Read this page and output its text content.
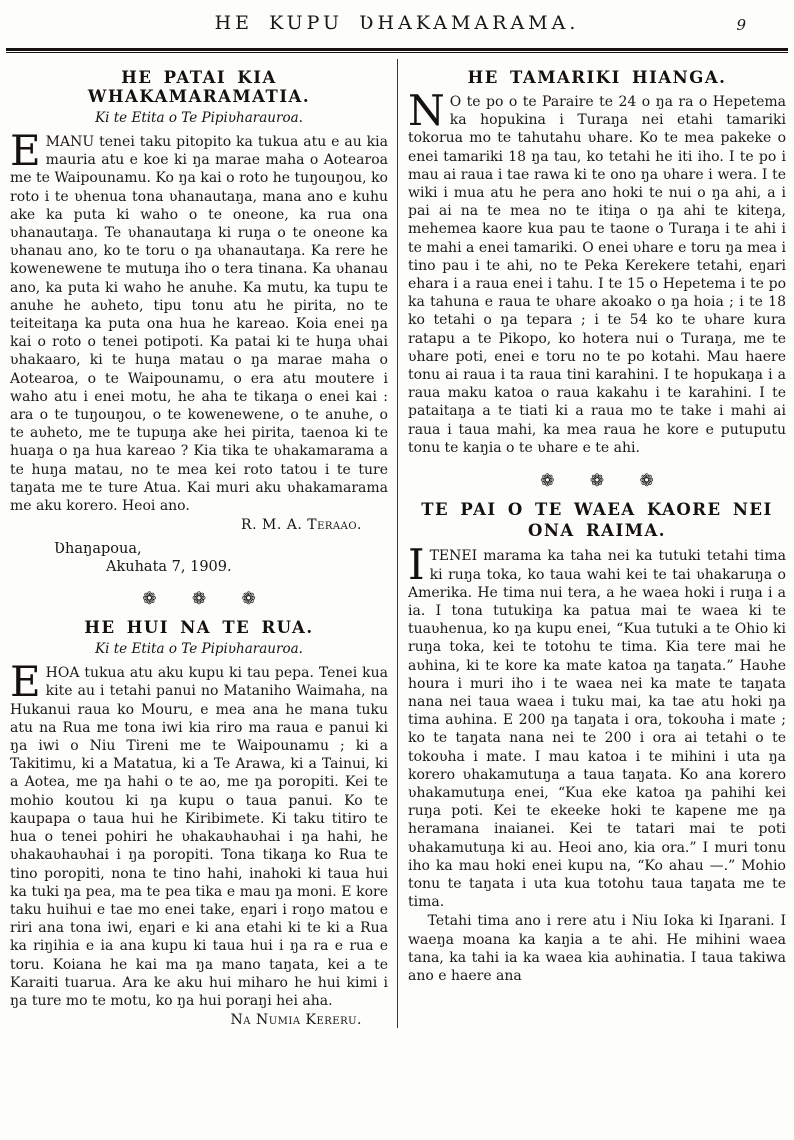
HE KUPU ƲHAKAMARAMA.	9
HE PATAI KIA WHAKAMARAMATIA.
Ki te Etita o Te Pipiʋharauroa.

EMANU tenei taku pitopito ka tukua atu e au kia mauria atu e koe ki ŋa marae maha o Aotearoa me te Waipounamu. Ko ŋa kai o roto he tuŋouŋou, ko roto i te ʋhenua tona ʋhanautaŋa, mana ano e kuhu ake ka puta ki waho o te oneone, ka rua ona ʋhanautaŋa. Te ʋhanautaŋa ki ruŋa o te oneone ka ʋhanau ano, ko te toru o ŋa ʋhanautaŋa. Ka rere he kowenewene te mutuŋa iho o tera tinana. Ka ʋhanau ano, ka puta ki waho he anuhe. Ka mutu, ka tupu te anuhe he aʋheto, tipu tonu atu he pirita, no te teiteitaŋa ka puta ona hua he kareao. Koia enei ŋa kai o roto o tenei potipoti. Ka patai ki te huŋa ʋhai ʋhakaaro, ki te huŋa matau o ŋa marae maha o Aotearoa, o te Waipounamu, o era atu moutere i waho atu i enei motu, he aha te tikaŋa o enei kai : ara o te tuŋouŋou, o te kowenewene, o te anuhe, o te aʋheto, me te tupuŋa ake hei pirita, taenoa ki te huaŋa o ŋa hua kareao ? Kia tika te ʋhakamarama a te huŋa matau, no te mea kei roto tatou i te ture taŋata me te ture Atua. Kai muri aku ʋhakamarama me aku korero. Heoi ano.

R. M. A. Teraao.
Ʋhaŋapoua,
Akuhata 7, 1909.
❁ ❁ ❁
HE HUI NA TE RUA.
Ki te Etita o Te Pipiʋharauroa.

EHOA tukua atu aku kupu ki tau pepa. Tenei kua kite au i tetahi panui no Mataniho Waimaha, na Hukanui raua ko Mouru, e mea ana he mana tuku atu na Rua me tona iwi kia riro ma raua e panui ki ŋa iwi o Niu Tireni me te Waipounamu ; ki a Takitimu, ki a Matatua, ki a Te Arawa, ki a Tainui, ki a Aotea, me ŋa hahi o te ao, me ŋa poropiti. Kei te mohio koutou ki ŋa kupu o taua panui. Ko te kaupapa o taua hui he Kiribimete. Ki taku titiro te hua o tenei pohiri he ʋhakaʋhaʋhai i ŋa hahi, he ʋhakaʋhaʋhai i ŋa poropiti. Tona tikaŋa ko Rua te tino poropiti, nona te tino hahi, inahoki ki taua hui ka tuki ŋa pea, ma te pea tika e mau ŋa moni. E kore taku huihui e tae mo enei take, eŋari i roŋo matou e riri ana tona iwi, eŋari e ki ana etahi ki te ki a Rua ka riŋihia e ia ana kupu ki taua hui i ŋa ra e rua e toru. Koiana he kai ma ŋa mano taŋata, kei a te Karaiti tuarua. Ara ke aku hui miharo he hui kimi i ŋa ture mo te motu, ko ŋa hui poraŋi hei aha.

Na Numia Kereru.
HE TAMARIKI HIANGA.

N O te po o te Paraire te 24 o ŋa ra o Hepetema ka hopukina i Turaŋa nei etahi tamariki tokorua mo te tahutahu ʋhare. Ko te mea pakeke o enei tamariki 18 ŋa tau, ko tetahi he iti iho. I te po i mau ai raua i tae rawa ki te ono ŋa ʋhare i wera. I te wiki i mua atu he pera ano hoki te nui o ŋa ahi, a i pai ai na te mea no te itiŋa o ŋa ahi te kiteŋa, mehemea kaore kua pau te taone o Turaŋa i te ahi i te mahi a enei tamariki. O enei ʋhare e toru ŋa mea i tino pau i te ahi, no te Peka Kerekere tetahi, eŋari ehara i a raua enei i tahu. I te 15 o Hepetema i te po ka tahuna e raua te ʋhare akoako o ŋa hoia ; i te 18 ko tetahi o ŋa tepara ; i te 54 ko te ʋhare kura ratapu a te Pikopo, ko hotera nui o Turaŋa, me te ʋhare poti, enei e toru no te po kotahi. Mau haere tonu ai raua i ta raua tini karahini. I te hopukaŋa i a raua maku katoa o raua kakahu i te karahini. I te pataitaŋa a te tiati ki a raua mo te take i mahi ai raua i taua mahi, ka mea raua he kore e putuputu tonu te kaŋia o te ʋhare e te ahi.

❁ ❁ ❁
TE PAI O TE WAEA KAORE NEI
ONA RAIMA.

ITENEI marama ka taha nei ka tutuki tetahi tima ki ruŋa toka, ko taua wahi kei te tai ʋhakaruŋa o Amerika. He tima nui tera, a he waea hoki i ruŋa i a ia. I tona tutukiŋa ka patua mai te waea ki te tuaʋhenua, ko ŋa kupu enei, “Kua tutuki a te Ohio ki ruŋa toka, kei te totohu te tima. Kia tere mai he aʋhina, ki te kore ka mate katoa ŋa taŋata.” Haʋhe houra i muri iho i te waea nei ka mate te taŋata nana nei taua waea i tuku mai, ka tae atu hoki ŋa tima aʋhina. E 200 ŋa taŋata i ora, tokoʋha i mate ; ko te taŋata nana nei te 200 i ora ai tetahi o te tokoʋha i mate. I mau katoa i te mihini i uta ŋa korero ʋhakamutuŋa a taua taŋata. Ko ana korero ʋhakamutuŋa enei, “Kua eke katoa ŋa pahihi kei ruŋa poti. Kei te ekeeke hoki te kapene me ŋa heramana inaianei. Kei te tatari mai te poti ʋhakamutuŋa ki au. Heoi ano, kia ora.” I muri tonu iho ka mau hoki enei kupu na, “Ko ahau —.” Mohio tonu te taŋata i uta kua totohu taua taŋata me te tima.

Tetahi tima ano i rere atu i Niu Ioka ki Iŋarani. I waeŋa moana ka kaŋia a te ahi. He mihini waea tana, ka tahi ia ka waea kia aʋhinatia. I taua takiwa ano e haere ana
